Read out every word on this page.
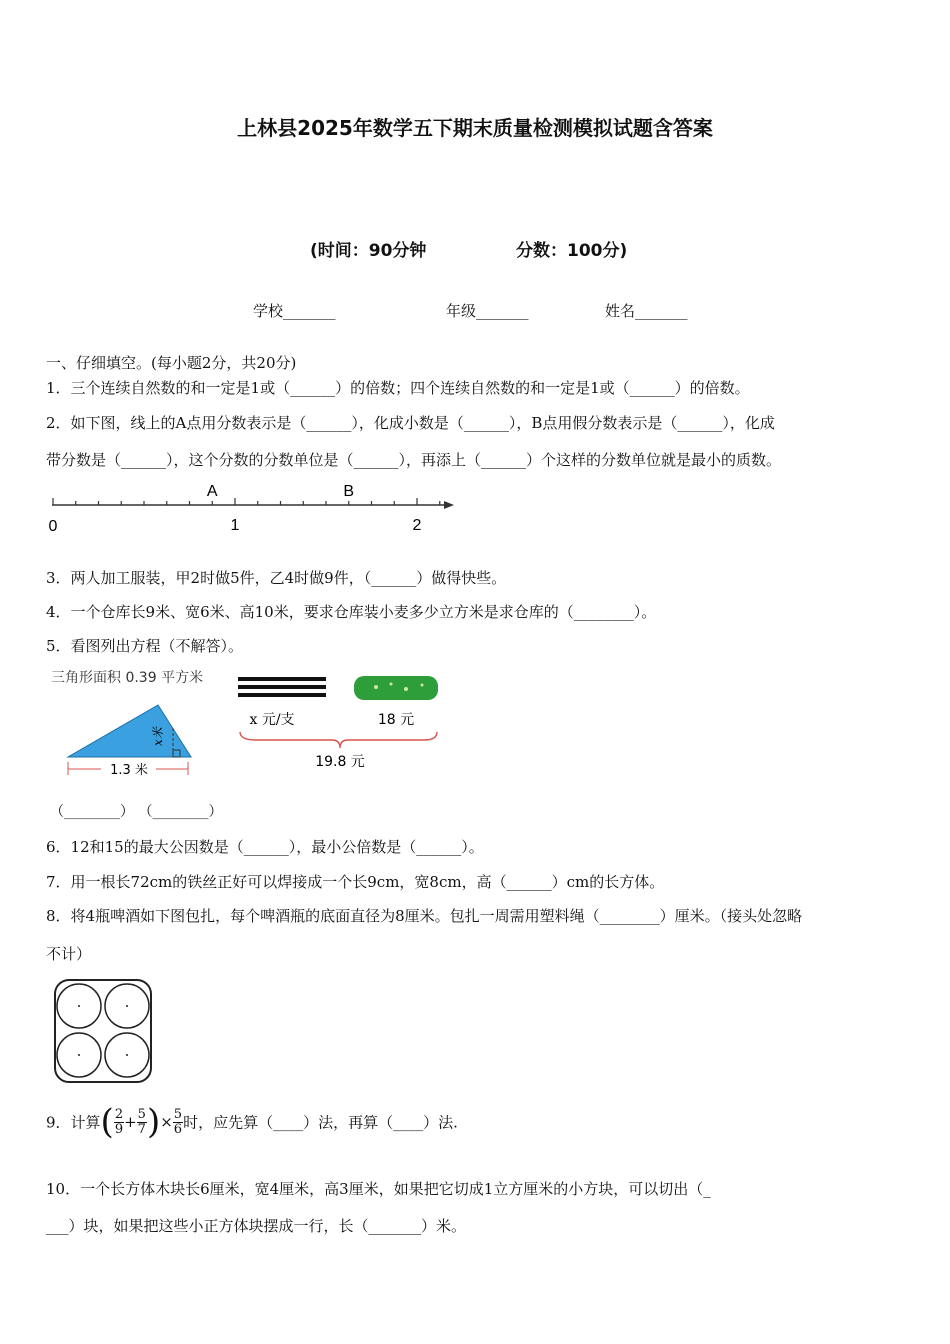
上林县2025年数学五下期末质量检测模拟试题含答案
(时间：90分钟	分数：100分)
学校_______	年级_______	姓名_______
一、仔细填空。(每小题2分，共20分)
1．三个连续自然数的和一定是1或（______）的倍数；四个连续自然数的和一定是1或（______）的倍数。
2．如下图，线上的A点用分数表示是（______），化成小数是（______），B点用假分数表示是（______），化成
带分数是（______），这个分数的分数单位是（______），再添上（______）个这样的分数单位就是最小的质数。
0	1	2
A	B
3．两人加工服装，甲2时做5件，乙4时做9件，（______）做得快些。
4．一个仓库长9米、宽6米、高10米，要求仓库装小麦多少立方米是求仓库的（________）。
5．看图列出方程（不解答）。
三角形面积 0.39 平方米
x米
1.3 米
x 元/支	18 元
19.8 元
（________） （________）
6．12和15的最大公因数是（______），最小公倍数是（______）。
7．用一根长72cm的铁丝正好可以焊接成一个长9cm，宽8cm，高（______）cm的长方体。
8．将4瓶啤酒如下图包扎，每个啤酒瓶的底面直径为8厘米。包扎一周需用塑料绳（________）厘米。（接头处忽略
不计）
9．计算( $\frac{2}{9} + \frac{5}{7}$ )× $\frac{5}{6}$ 时，应先算（____）法，再算（____）法.
10．一个长方体木块长6厘米，宽4厘米，高3厘米，如果把它切成1立方厘米的小方块，可以切出（_
___）块，如果把这些小正方体块摆成一行，长（_______）米。
